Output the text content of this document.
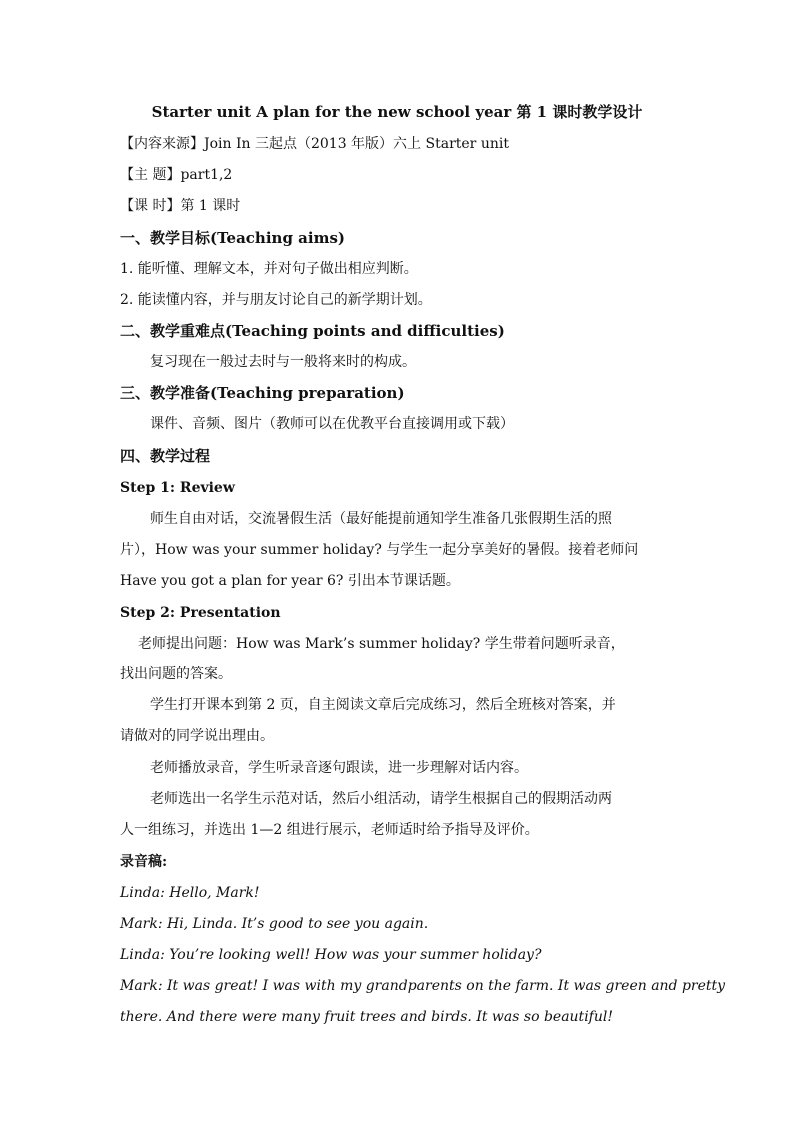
Starter unit A plan for the new school year 第 1 课时教学设计
【内容来源】Join In 三起点（2013 年版）六上 Starter unit
【主 题】part1,2
【课 时】第 1 课时
一、教学目标(Teaching aims)
1. 能听懂、理解文本，并对句子做出相应判断。
2. 能读懂内容，并与朋友讨论自己的新学期计划。
二、教学重难点(Teaching points and difficulties)
复习现在一般过去时与一般将来时的构成。
三、教学准备(Teaching preparation)
课件、音频、图片（教师可以在优教平台直接调用或下载）
四、教学过程
Step 1: Review
师生自由对话，交流暑假生活（最好能提前通知学生准备几张假期生活的照
片），How was your summer holiday? 与学生一起分享美好的暑假。接着老师问
Have you got a plan for year 6? 引出本节课话题。
Step 2: Presentation
老师提出问题：How was Mark’s summer holiday? 学生带着问题听录音，
找出问题的答案。
学生打开课本到第 2 页，自主阅读文章后完成练习，然后全班核对答案，并
请做对的同学说出理由。
老师播放录音，学生听录音逐句跟读，进一步理解对话内容。
老师选出一名学生示范对话，然后小组活动，请学生根据自己的假期活动两
人一组练习，并选出 1—2 组进行展示，老师适时给予指导及评价。
录音稿:
Linda: Hello, Mark!
Mark: Hi, Linda. It’s good to see you again.
Linda: You’re looking well! How was your summer holiday?
Mark: It was great! I was with my grandparents on the farm. It was green and pretty
there. And there were many fruit trees and birds. It was so beautiful!
